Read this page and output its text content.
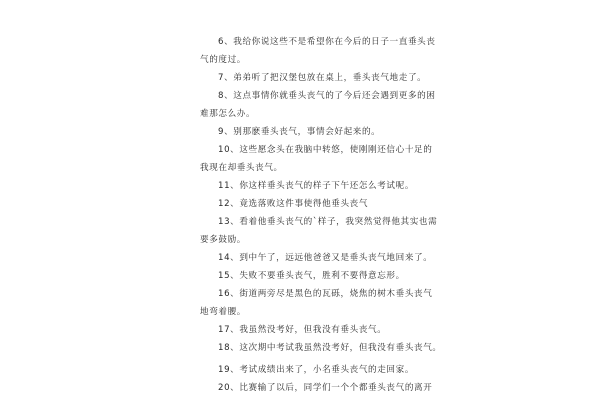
6、我给你说这些不是希望你在今后的日子一直垂头丧
气的度过。
7、弟弟听了把汉堡包放在桌上，垂头丧气地走了。
8、这点事情你就垂头丧气的了今后还会遇到更多的困
难那怎么办。
9、别那麽垂头丧气，事情会好起来的。
10、这些愿念头在我脑中转悠，使刚刚还信心十足的
我现在却垂头丧气。
11、你这样垂头丧气的样子下午还怎么考试呢。
12、竟选落败这件事使得他垂头丧气
13、看着他垂头丧气的`样子，我突然觉得他其实也需
要多鼓励。
14、到中午了，远远他爸爸又是垂头丧气地回来了。
15、失败不要垂头丧气，胜利不要得意忘形。
16、街道两旁尽是黑色的瓦砾，烧焦的树木垂头丧气
地弯着腰。
17、我虽然没考好，但我没有垂头丧气。
18、这次期中考试我虽然没考好，但我没有垂头丧气。
19、考试成绩出来了，小名垂头丧气的走回家。
20、比赛输了以后，同学们一个个都垂头丧气的离开
